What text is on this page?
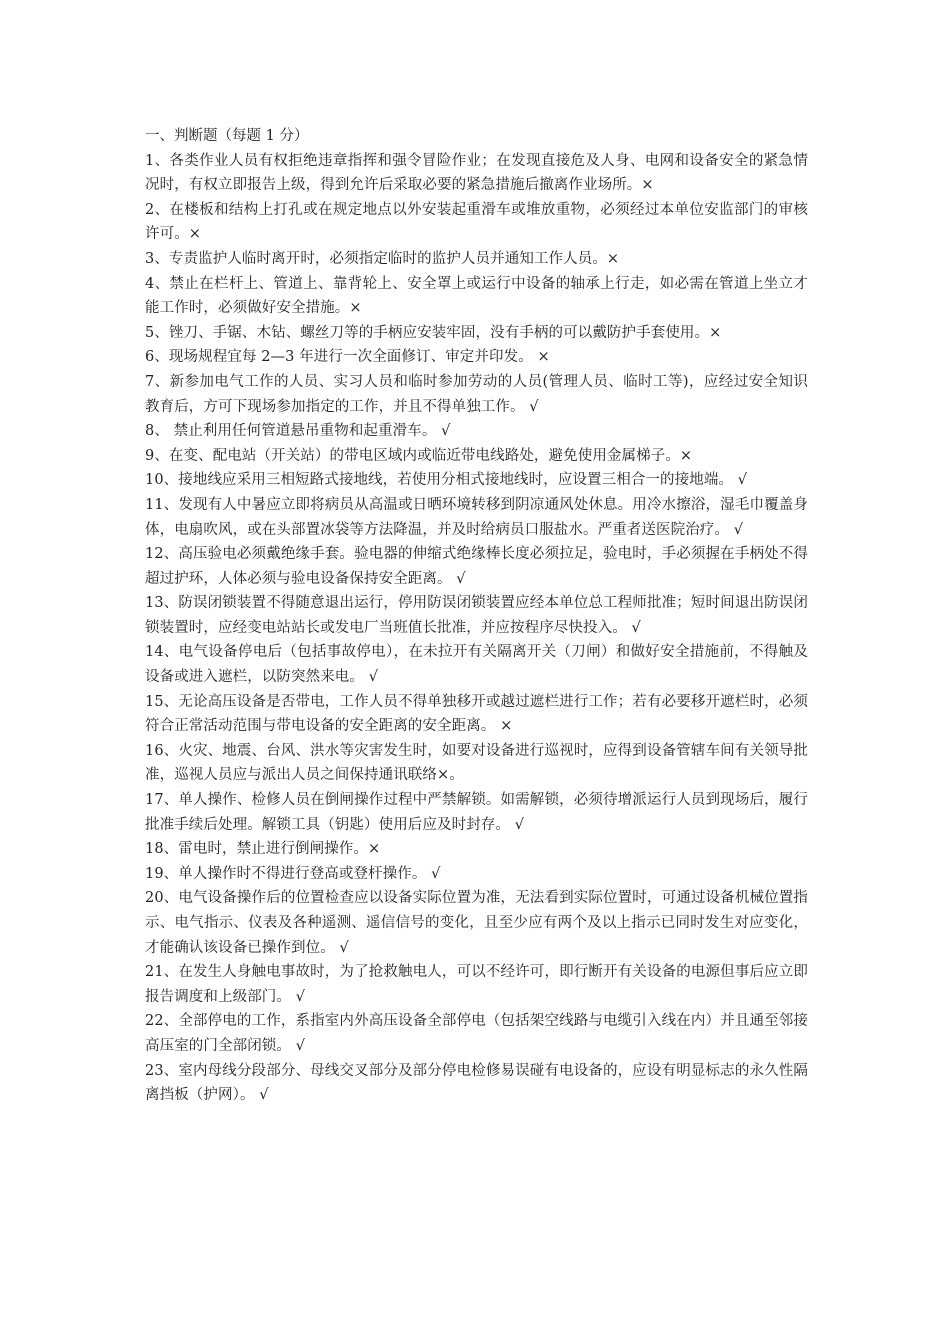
一、判断题（每题 1 分）

1、各类作业人员有权拒绝违章指挥和强令冒险作业；在发现直接危及人身、电网和设备安全的紧急情况时，有权立即报告上级，得到允许后采取必要的紧急措施后撤离作业场所。×

2、在楼板和结构上打孔或在规定地点以外安装起重滑车或堆放重物，必须经过本单位安监部门的审核许可。×

3、专责监护人临时离开时，必须指定临时的监护人员并通知工作人员。×

4、禁止在栏杆上、管道上、靠背轮上、安全罩上或运行中设备的轴承上行走，如必需在管道上坐立才能工作时，必须做好安全措施。×

5、锉刀、手锯、木钻、螺丝刀等的手柄应安装牢固，没有手柄的可以戴防护手套使用。×

6、现场规程宜每 2—3 年进行一次全面修订、审定并印发。 ×

7、新参加电气工作的人员、实习人员和临时参加劳动的人员(管理人员、临时工等)，应经过安全知识教育后，方可下现场参加指定的工作，并且不得单独工作。 √

8、 禁止利用任何管道悬吊重物和起重滑车。 √

9、在变、配电站（开关站）的带电区域内或临近带电线路处，避免使用金属梯子。×

10、接地线应采用三相短路式接地线，若使用分相式接地线时，应设置三相合一的接地端。 √

11、发现有人中暑应立即将病员从高温或日晒环境转移到阴凉通风处休息。用冷水擦浴，湿毛巾覆盖身体，电扇吹风，或在头部置冰袋等方法降温，并及时给病员口服盐水。严重者送医院治疗。 √

12、高压验电必须戴绝缘手套。验电器的伸缩式绝缘棒长度必须拉足，验电时，手必须握在手柄处不得超过护环，人体必须与验电设备保持安全距离。 √

13、防误闭锁装置不得随意退出运行，停用防误闭锁装置应经本单位总工程师批准；短时间退出防误闭锁装置时，应经变电站站长或发电厂当班值长批准，并应按程序尽快投入。 √

14、电气设备停电后（包括事故停电），在未拉开有关隔离开关（刀闸）和做好安全措施前，不得触及设备或进入遮栏，以防突然来电。 √

15、无论高压设备是否带电，工作人员不得单独移开或越过遮栏进行工作；若有必要移开遮栏时，必须符合正常活动范围与带电设备的安全距离的安全距离。 ×

16、火灾、地震、台风、洪水等灾害发生时，如要对设备进行巡视时，应得到设备管辖车间有关领导批准，巡视人员应与派出人员之间保持通讯联络×。

17、单人操作、检修人员在倒闸操作过程中严禁解锁。如需解锁，必须待增派运行人员到现场后，履行批准手续后处理。解锁工具（钥匙）使用后应及时封存。 √

18、雷电时，禁止进行倒闸操作。×

19、单人操作时不得进行登高或登杆操作。 √

20、电气设备操作后的位置检查应以设备实际位置为准，无法看到实际位置时，可通过设备机械位置指示、电气指示、仪表及各种遥测、遥信信号的变化，且至少应有两个及以上指示已同时发生对应变化，才能确认该设备已操作到位。 √

21、在发生人身触电事故时，为了抢救触电人，可以不经许可，即行断开有关设备的电源但事后应立即报告调度和上级部门。 √

22、全部停电的工作，系指室内外高压设备全部停电（包括架空线路与电缆引入线在内）并且通至邻接高压室的门全部闭锁。 √

23、室内母线分段部分、母线交叉部分及部分停电检修易误碰有电设备的，应设有明显标志的永久性隔离挡板（护网）。 √
